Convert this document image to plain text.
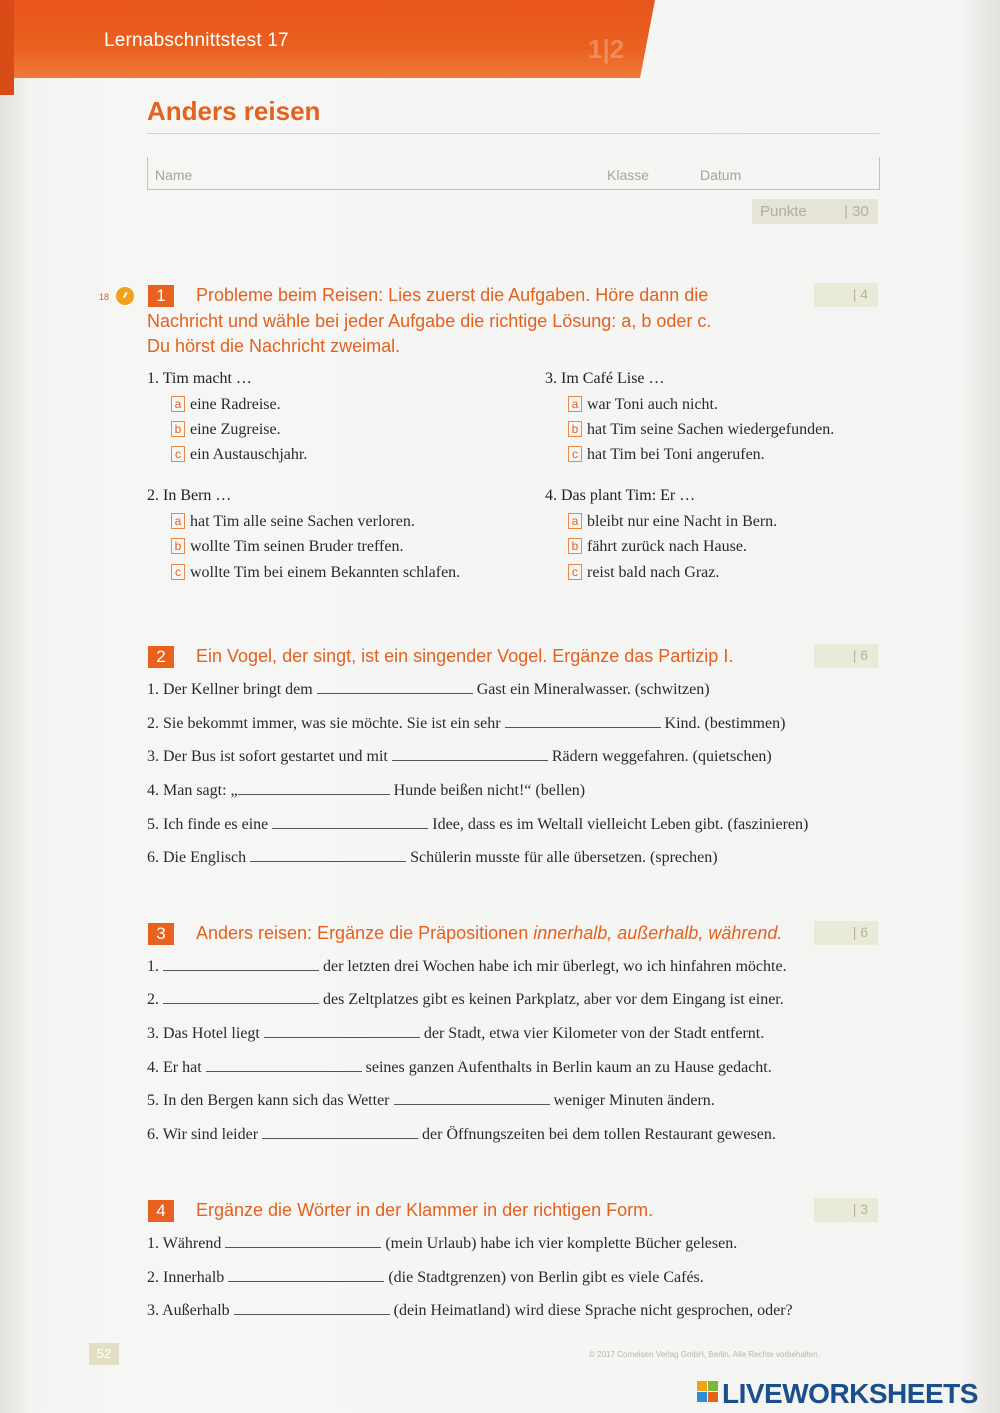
Lernabschnittstest 17	1|2
Anders reisen
Name	Klasse	Datum
Punkte | 30
18	1	Probleme beim Reisen: Lies zuerst die Aufgaben. Höre dann die
Nachricht und wähle bei jeder Aufgabe die richtige Lösung: a, b oder c.
Du hörst die Nachricht zweimal.
| 4
1. Tim macht …
a eine Radreise.
b eine Zugreise.
c ein Austauschjahr.
2. In Bern …
a hat Tim alle seine Sachen verloren.
b wollte Tim seinen Bruder treffen.
c wollte Tim bei einem Bekannten schlafen.
3. Im Café Lise …
a war Toni auch nicht.
b hat Tim seine Sachen wiedergefunden.
c hat Tim bei Toni angerufen.
4. Das plant Tim: Er …
a bleibt nur eine Nacht in Bern.
b fährt zurück nach Hause.
c reist bald nach Graz.
2	Ein Vogel, der singt, ist ein singender Vogel. Ergänze das Partizip I.	| 6
1. Der Kellner bringt dem	Gast ein Mineralwasser. (schwitzen)
2. Sie bekommt immer, was sie möchte. Sie ist ein sehr	Kind. (bestimmen)
3. Der Bus ist sofort gestartet und mit	Rädern weggefahren. (quietschen)
4. Man sagt: „	Hunde beißen nicht!“ (bellen)
5. Ich finde es eine	Idee, dass es im Weltall vielleicht Leben gibt. (faszinieren)
6. Die Englisch	Schülerin musste für alle übersetzen. (sprechen)
3	Anders reisen: Ergänze die Präpositionen innerhalb, außerhalb, während.	| 6
1.	der letzten drei Wochen habe ich mir überlegt, wo ich hinfahren möchte.
2.	des Zeltplatzes gibt es keinen Parkplatz, aber vor dem Eingang ist einer.
3. Das Hotel liegt	der Stadt, etwa vier Kilometer von der Stadt entfernt.
4. Er hat	seines ganzen Aufenthalts in Berlin kaum an zu Hause gedacht.
5. In den Bergen kann sich das Wetter	weniger Minuten ändern.
6. Wir sind leider	der Öffnungszeiten bei dem tollen Restaurant gewesen.
4	Ergänze die Wörter in der Klammer in der richtigen Form.	| 3
1. Während	(mein Urlaub) habe ich vier komplette Bücher gelesen.
2. Innerhalb	(die Stadtgrenzen) von Berlin gibt es viele Cafés.
3. Außerhalb	(dein Heimatland) wird diese Sprache nicht gesprochen, oder?
52	© 2017 Cornelsen Verlag GmbH, Berlin. Alle Rechte vorbehalten.
LIVEWORKSHEETS
